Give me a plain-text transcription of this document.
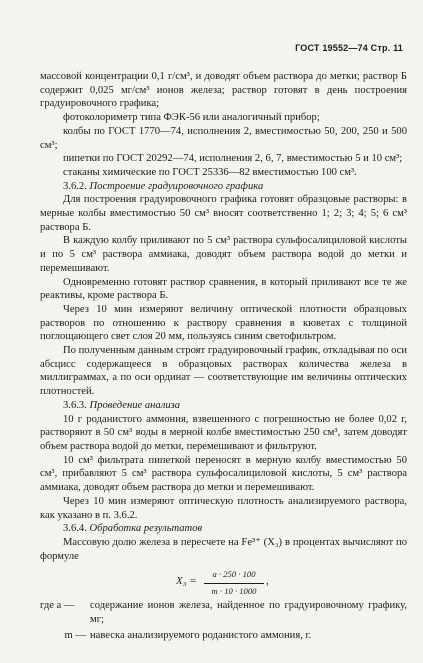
ГОСТ 19552—74 Стр. 11

массовой концентрации 0,1 г/см³, и доводят объем раствора до метки; раствор Б содержит 0,025 мг/см³ ионов железа; раствор готовят в день построения градуировочного графика;

фотоколориметр типа ФЭК-56 или аналогичный прибор;

колбы по ГОСТ 1770—74, исполнения 2, вместимостью 50, 200, 250 и 500 см³;

пипетки по ГОСТ 20292—74, исполнения 2, 6, 7, вместимостью 5 и 10 см³;

стаканы химические по ГОСТ 25336—82 вместимостью 100 см³.

3.6.2. Построение градуировочного графика

Для построения градуировочного графика готовят образцовые растворы: в мерные колбы вместимостью 50 см³ вносят соответственно 1; 2; 3; 4; 5; 6 см³ раствора Б.

В каждую колбу приливают по 5 см³ раствора сульфосалициловой кислоты и по 5 см³ раствора аммиака, доводят объем раствора водой до метки и перемешивают.

Одновременно готовят раствор сравнения, в который приливают все те же реактивы, кроме раствора Б.

Через 10 мин измеряют величину оптической плотности образцовых растворов по отношению к раствору сравнения в кюветах с толщиной поглощающего свет слоя 20 мм, пользуясь синим светофильтром.

По полученным данным строят градуировочный график, откладывая по оси абсцисс содержащееся в образцовых растворах количества железа в миллиграммах, а по оси ординат — соответствующие им величины оптических плотностей.

3.6.3. Проведение анализа

10 г роданистого аммония, взвешенного с погрешностью не более 0,02 г, растворяют в 50 см³ воды в мерной колбе вместимостью 250 см³, затем доводят объем раствора водой до метки, перемешивают и фильтруют.

10 см³ фильтрата пипеткой переносят в мерную колбу вместимостью 50 см³, прибавляют 5 см³ раствора сульфосалициловой кислоты, 5 см³ раствора аммиака, доводят объем раствора до метки и перемешивают.

Через 10 мин измеряют оптическую плотность анализируемого раствора, как указано в п. 3.6.2.

3.6.4. Обработка результатов

Массовую долю железа в пересчете на Fe³⁺ (X₃) в процентах вычисляют по формуле

$X_3 = \frac{a \cdot 250 \cdot 100}{m \cdot 10 \cdot 1000}$ ,
где a —	содержание ионов железа, найденное по градуировочному графику, мг;
m — навеска анализируемого роданистого аммония, г.
